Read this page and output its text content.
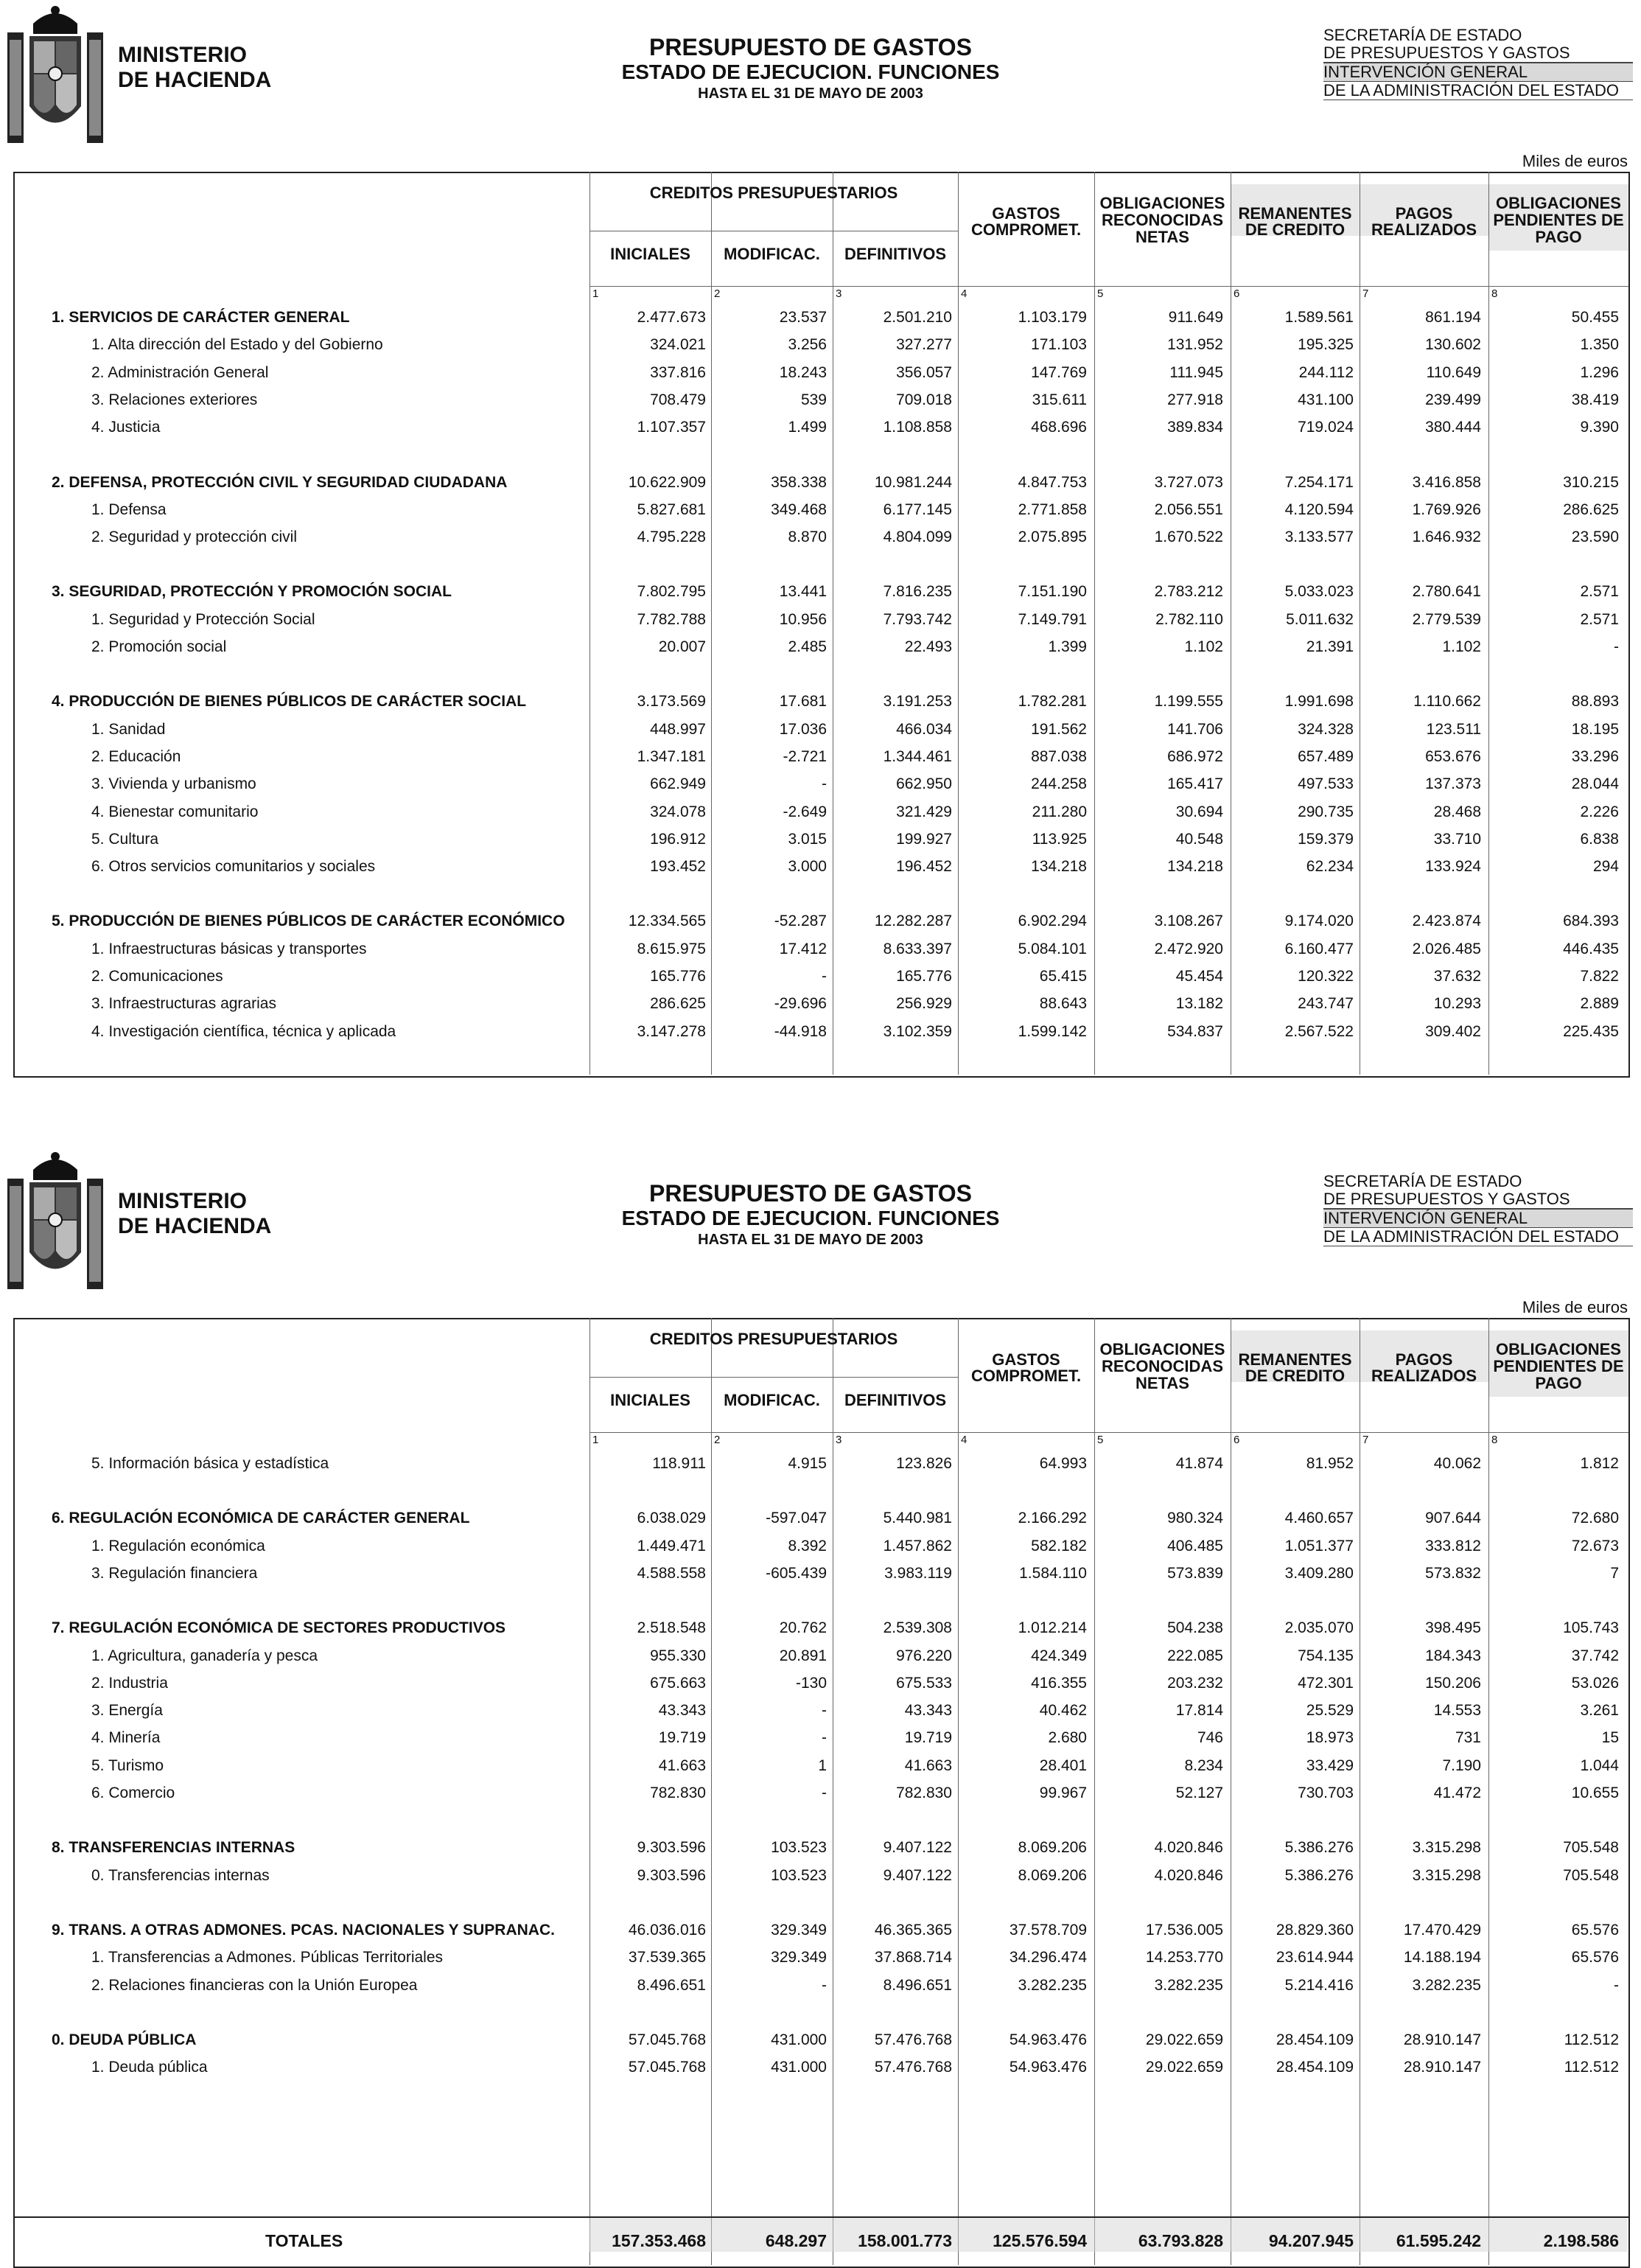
MINISTERIO
DE HACIENDA
PRESUPUESTO DE GASTOS
ESTADO DE EJECUCION. FUNCIONES
HASTA EL 31 DE MAYO DE 2003
SECRETARÍA DE ESTADO
DE PRESUPUESTOS Y GASTOSINTERVENCIÓN GENERALDE LA ADMINISTRACIÓN DEL ESTADO
Miles de euros
CREDITOS PRESUPUESTARIOS
INICIALES	MODIFICAC.	DEFINITIVOS
GASTOS
COMPROMET.
OBLIGACIONES
RECONOCIDAS
NETAS
REMANENTES
DE CREDITO
PAGOS
REALIZADOS
OBLIGACIONES
PENDIENTES DE
PAGO
1	2	3	4	5	6	7	8
1. SERVICIOS DE CARÁCTER GENERAL	2.477.673	23.537	2.501.210	1.103.179	911.649	1.589.561	861.194	50.455
1. Alta dirección del Estado y del Gobierno	324.021	3.256	327.277	171.103	131.952	195.325	130.602	1.350
2. Administración General	337.816	18.243	356.057	147.769	111.945	244.112	110.649	1.296
3. Relaciones exteriores	708.479	539	709.018	315.611	277.918	431.100	239.499	38.419
4. Justicia	1.107.357	1.499	1.108.858	468.696	389.834	719.024	380.444	9.390
2. DEFENSA, PROTECCIÓN CIVIL Y SEGURIDAD CIUDADANA	10.622.909	358.338	10.981.244	4.847.753	3.727.073	7.254.171	3.416.858	310.215
1. Defensa	5.827.681	349.468	6.177.145	2.771.858	2.056.551	4.120.594	1.769.926	286.625
2. Seguridad y protección civil	4.795.228	8.870	4.804.099	2.075.895	1.670.522	3.133.577	1.646.932	23.590
3. SEGURIDAD, PROTECCIÓN Y PROMOCIÓN SOCIAL	7.802.795	13.441	7.816.235	7.151.190	2.783.212	5.033.023	2.780.641	2.571
1. Seguridad y Protección Social	7.782.788	10.956	7.793.742	7.149.791	2.782.110	5.011.632	2.779.539	2.571
2. Promoción social	20.007	2.485	22.493	1.399	1.102	21.391	1.102	-
4. PRODUCCIÓN DE BIENES PÚBLICOS DE CARÁCTER SOCIAL	3.173.569	17.681	3.191.253	1.782.281	1.199.555	1.991.698	1.110.662	88.893
1. Sanidad	448.997	17.036	466.034	191.562	141.706	324.328	123.511	18.195
2. Educación	1.347.181	-2.721	1.344.461	887.038	686.972	657.489	653.676	33.296
3. Vivienda y urbanismo	662.949	-	662.950	244.258	165.417	497.533	137.373	28.044
4. Bienestar comunitario	324.078	-2.649	321.429	211.280	30.694	290.735	28.468	2.226
5. Cultura	196.912	3.015	199.927	113.925	40.548	159.379	33.710	6.838
6. Otros servicios comunitarios y sociales	193.452	3.000	196.452	134.218	134.218	62.234	133.924	294
5. PRODUCCIÓN DE BIENES PÚBLICOS DE CARÁCTER ECONÓMICO	12.334.565	-52.287	12.282.287	6.902.294	3.108.267	9.174.020	2.423.874	684.393
1. Infraestructuras básicas y transportes	8.615.975	17.412	8.633.397	5.084.101	2.472.920	6.160.477	2.026.485	446.435
2. Comunicaciones	165.776	-	165.776	65.415	45.454	120.322	37.632	7.822
3. Infraestructuras agrarias	286.625	-29.696	256.929	88.643	13.182	243.747	10.293	2.889
4. Investigación científica, técnica y aplicada	3.147.278	-44.918	3.102.359	1.599.142	534.837	2.567.522	309.402	225.435
MINISTERIO
DE HACIENDA
PRESUPUESTO DE GASTOS
ESTADO DE EJECUCION. FUNCIONES
HASTA EL 31 DE MAYO DE 2003
SECRETARÍA DE ESTADO
DE PRESUPUESTOS Y GASTOSINTERVENCIÓN GENERALDE LA ADMINISTRACIÓN DEL ESTADO
Miles de euros
CREDITOS PRESUPUESTARIOS
INICIALES	MODIFICAC.	DEFINITIVOS
GASTOS
COMPROMET.
OBLIGACIONES
RECONOCIDAS
NETAS
REMANENTES
DE CREDITO
PAGOS
REALIZADOS
OBLIGACIONES
PENDIENTES DE
PAGO
1	2	3	4	5	6	7	8
5. Información básica y estadística	118.911	4.915	123.826	64.993	41.874	81.952	40.062	1.812
6. REGULACIÓN ECONÓMICA DE CARÁCTER GENERAL	6.038.029	-597.047	5.440.981	2.166.292	980.324	4.460.657	907.644	72.680
1. Regulación económica	1.449.471	8.392	1.457.862	582.182	406.485	1.051.377	333.812	72.673
3. Regulación financiera	4.588.558	-605.439	3.983.119	1.584.110	573.839	3.409.280	573.832	7
7. REGULACIÓN ECONÓMICA DE SECTORES PRODUCTIVOS	2.518.548	20.762	2.539.308	1.012.214	504.238	2.035.070	398.495	105.743
1. Agricultura, ganadería y pesca	955.330	20.891	976.220	424.349	222.085	754.135	184.343	37.742
2. Industria	675.663	-130	675.533	416.355	203.232	472.301	150.206	53.026
3. Energía	43.343	-	43.343	40.462	17.814	25.529	14.553	3.261
4. Minería	19.719	-	19.719	2.680	746	18.973	731	15
5. Turismo	41.663	1	41.663	28.401	8.234	33.429	7.190	1.044
6. Comercio	782.830	-	782.830	99.967	52.127	730.703	41.472	10.655
8. TRANSFERENCIAS INTERNAS	9.303.596	103.523	9.407.122	8.069.206	4.020.846	5.386.276	3.315.298	705.548
0. Transferencias internas	9.303.596	103.523	9.407.122	8.069.206	4.020.846	5.386.276	3.315.298	705.548
9. TRANS. A OTRAS ADMONES. PCAS. NACIONALES Y SUPRANAC.	46.036.016	329.349	46.365.365	37.578.709	17.536.005	28.829.360	17.470.429	65.576
1. Transferencias a Admones. Públicas Territoriales	37.539.365	329.349	37.868.714	34.296.474	14.253.770	23.614.944	14.188.194	65.576
2. Relaciones financieras con la Unión Europea	8.496.651	-	8.496.651	3.282.235	3.282.235	5.214.416	3.282.235	-
0. DEUDA PÚBLICA	57.045.768	431.000	57.476.768	54.963.476	29.022.659	28.454.109	28.910.147	112.512
1. Deuda pública	57.045.768	431.000	57.476.768	54.963.476	29.022.659	28.454.109	28.910.147	112.512
TOTALES	157.353.468	648.297 158.001.773 125.576.594	63.793.828	94.207.945	61.595.242	2.198.586
